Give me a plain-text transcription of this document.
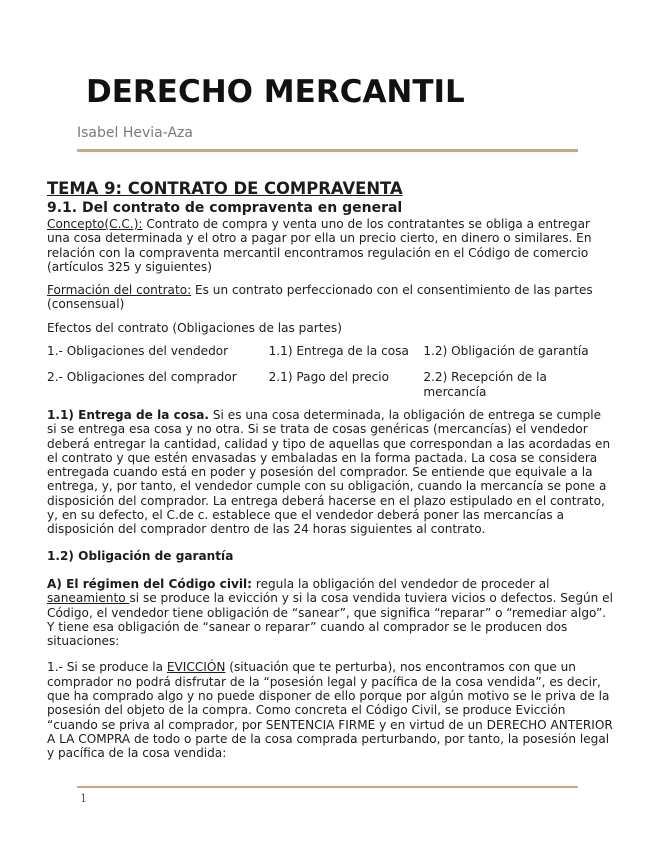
DERECHO MERCANTIL
Isabel Hevia-Aza

TEMA 9: CONTRATO DE COMPRAVENTA

9.1. Del contrato de compraventa en general

Concepto(C.C.): Contrato de compra y venta uno de los contratantes se obliga a entregar una cosa determinada y el otro a pagar por ella un precio cierto, en dinero o similares. En relación con la compraventa mercantil encontramos regulación en el Código de comercio (artículos 325 y siguientes)

Formación del contrato: Es un contrato perfeccionado con el consentimiento de las partes (consensual)

Efectos del contrato (Obligaciones de las partes)

1.- Obligaciones del vendedor	1.1) Entrega de la cosa	1.2) Obligación de garantía
2.- Obligaciones del comprador	2.1) Pago del precio	2.2) Recepción de la mercancía

1.1) Entrega de la cosa. Si es una cosa determinada, la obligación de entrega se cumple si se entrega esa cosa y no otra. Si se trata de cosas genéricas (mercancías) el vendedor deberá entregar la cantidad, calidad y tipo de aquellas que correspondan a las acordadas en el contrato y que estén envasadas y embaladas en la forma pactada. La cosa se considera entregada cuando está en poder y posesión del comprador. Se entiende que equivale a la entrega, y, por tanto, el vendedor cumple con su obligación, cuando la mercancía se pone a disposición del comprador. La entrega deberá hacerse en el plazo estipulado en el contrato, y, en su defecto, el C.de c. establece que el vendedor deberá poner las mercancías a disposición del comprador dentro de las 24 horas siguientes al contrato.

1.2) Obligación de garantía

A) El régimen del Código civil: regula la obligación del vendedor de proceder al saneamiento si se produce la evicción y si la cosa vendida tuviera vicios o defectos. Según el Código, el vendedor tiene obligación de “sanear”, que significa “reparar” o “remediar algo”. Y tiene esa obligación de “sanear o reparar” cuando al comprador se le producen dos situaciones:

1.- Si se produce la EVICCIÓN (situación que te perturba), nos encontramos con que un comprador no podrá disfrutar de la “posesión legal y pacífica de la cosa vendida”, es decir, que ha comprado algo y no puede disponer de ello porque por algún motivo se le priva de la posesión del objeto de la compra. Como concreta el Código Civil, se produce Evicción “cuando se priva al comprador, por SENTENCIA FIRME y en virtud de un DERECHO ANTERIOR A LA COMPRA de todo o parte de la cosa comprada perturbando, por tanto, la posesión legal y pacífica de la cosa vendida:

1
